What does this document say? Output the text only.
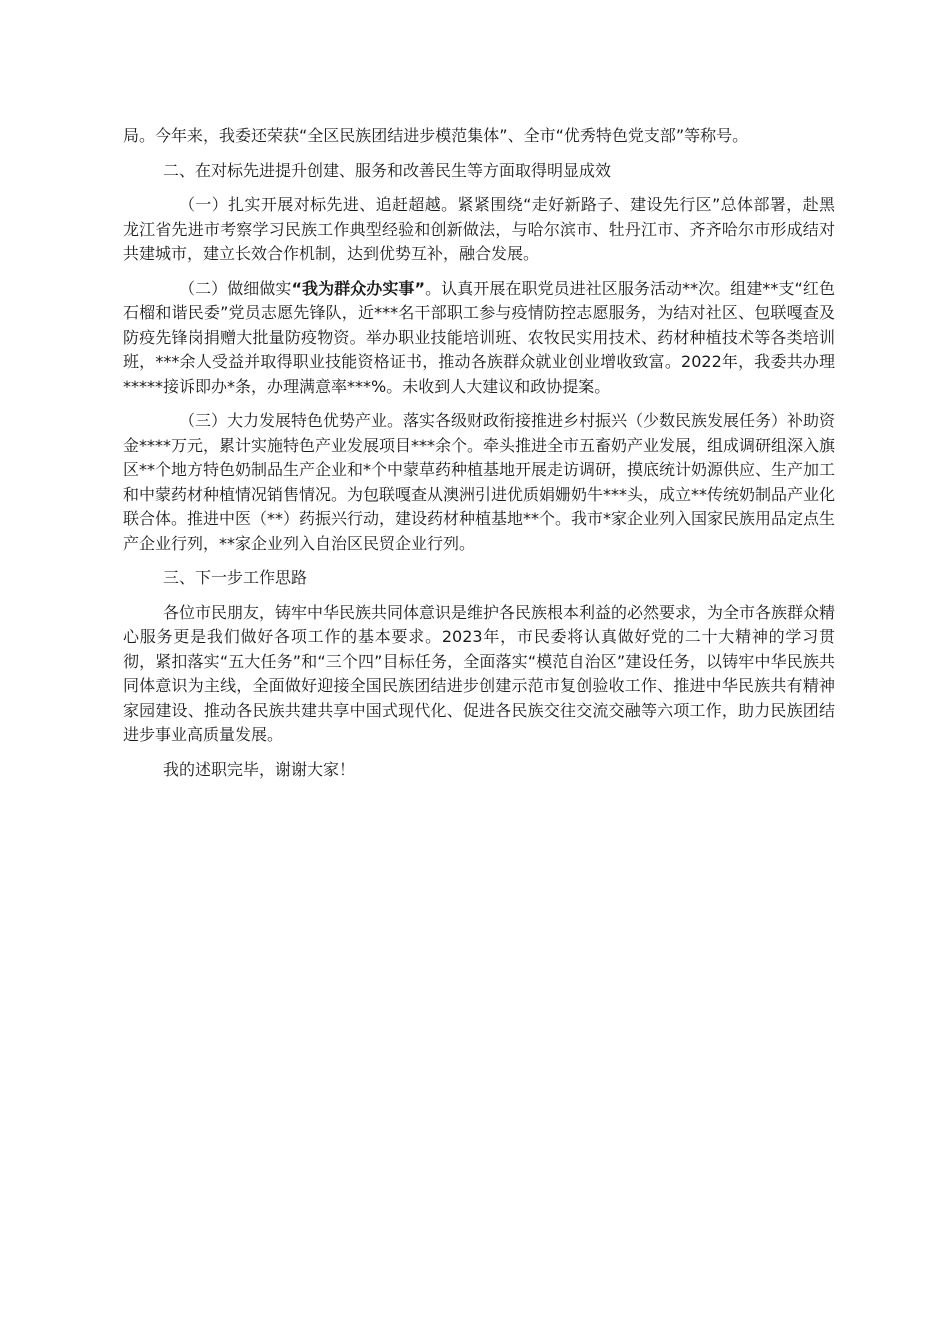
局。今年来，我委还荣获“全区民族团结进步模范集体”、全市“优秀特色党支部”等称号。

二、在对标先进提升创建、服务和改善民生等方面取得明显成效

（一）扎实开展对标先进、追赶超越。紧紧围绕“走好新路子、建设先行区”总体部署，赴黑龙江省先进市考察学习民族工作典型经验和创新做法，与哈尔滨市、牡丹江市、齐齐哈尔市形成结对共建城市，建立长效合作机制，达到优势互补，融合发展。

（二）做细做实“我为群众办实事”。认真开展在职党员进社区服务活动**次。组建**支“红色石榴和谐民委”党员志愿先锋队，近***名干部职工参与疫情防控志愿服务，为结对社区、包联嘎查及防疫先锋岗捐赠大批量防疫物资。举办职业技能培训班、农牧民实用技术、药材种植技术等各类培训班，***余人受益并取得职业技能资格证书，推动各族群众就业创业增收致富。2022年，我委共办理*****接诉即办*条，办理满意率***%。未收到人大建议和政协提案。

（三）大力发展特色优势产业。落实各级财政衔接推进乡村振兴（少数民族发展任务）补助资金****万元，累计实施特色产业发展项目***余个。牵头推进全市五畜奶产业发展，组成调研组深入旗区**个地方特色奶制品生产企业和*个中蒙草药种植基地开展走访调研，摸底统计奶源供应、生产加工和中蒙药材种植情况销售情况。为包联嘎查从澳洲引进优质娟姗奶牛***头，成立**传统奶制品产业化联合体。推进中医（**）药振兴行动，建设药材种植基地**个。我市*家企业列入国家民族用品定点生产企业行列，**家企业列入自治区民贸企业行列。

三、下一步工作思路

各位市民朋友，铸牢中华民族共同体意识是维护各民族根本利益的必然要求，为全市各族群众精心服务更是我们做好各项工作的基本要求。2023年，市民委将认真做好党的二十大精神的学习贯彻，紧扣落实“五大任务”和“三个四”目标任务，全面落实“模范自治区”建设任务，以铸牢中华民族共同体意识为主线，全面做好迎接全国民族团结进步创建示范市复创验收工作、推进中华民族共有精神家园建设、推动各民族共建共享中国式现代化、促进各民族交往交流交融等六项工作，助力民族团结进步事业高质量发展。

我的述职完毕，谢谢大家！
